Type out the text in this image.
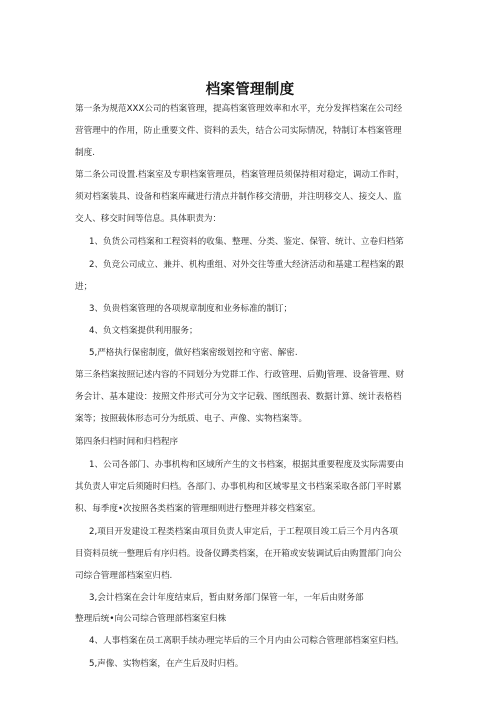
档案管理制度
第一条为规范XXX公司的档案管理，提高档案管理效率和水平，充分发挥档案在公司经
营管理中的作用，防止重要文件、资料的丢失，结合公司实际情况，特制订本档案管理
制度.
第二条公司设置.档案室及专职档案管理员，档案管理员须保持相对稳定，调动工作时，
须对档案装具、设备和档案库藏进行清点并制作移交清册，并注明移交人、接交人、监
交人、移交时间等信息。具体职责为：
1、负货公司档案和工程资料的收集、整理、分类、鉴定、保管、统计、立卷归档笫
2、负竞公司成立、兼并、机构重组、对外交往等重大经济活动和基建工程档案的跟
进；
3、负贵档案管理的各项规章制度和业务标准的制订；
4、负文档案提供利用服务；
5,严格执行保密制度，做好档案密级划控和守密、解密.
第三条档案按照记述内容的不同划分为党群工作、行政管理、后勤J管理、设备管理、财
务会计、基本建设：按照文件形式可分为文字记载、图纸图表、数据计算、统计表格档
案等；按照载体形态可分为纸质、电子、声像、实物档案等。
第四条归档时间和归档程序
1、公司各部门、办事机构和区域所产生的文书档案，根据其重要程度及实际需要由
其负责人审定后须随时归档。各部门、办事机构和区域零星文书档案采取各部门平时累
积、每季度•次按照各类档案的管理细则进行整理并移交档案室。
2,项目开发建设工程类档案由项目负责人审定后，于工程项目竣工后三个月内各项
目资料员统一整理后有序归档。设备仪蹲类档案，在开箱或安装调试后由购置部门向公
司综合管理部档案室归档.
3,会计档案在会计年度结束后，暂由财务部门保管一年，一年后由财务部
整理后统•向公司综合管理部档案室归株
4、人事档案在员工离职手续办理完毕后的三个月内由公司粽合管理部档案室归档。
5,声像、实物档案，在产生后及时归档。
